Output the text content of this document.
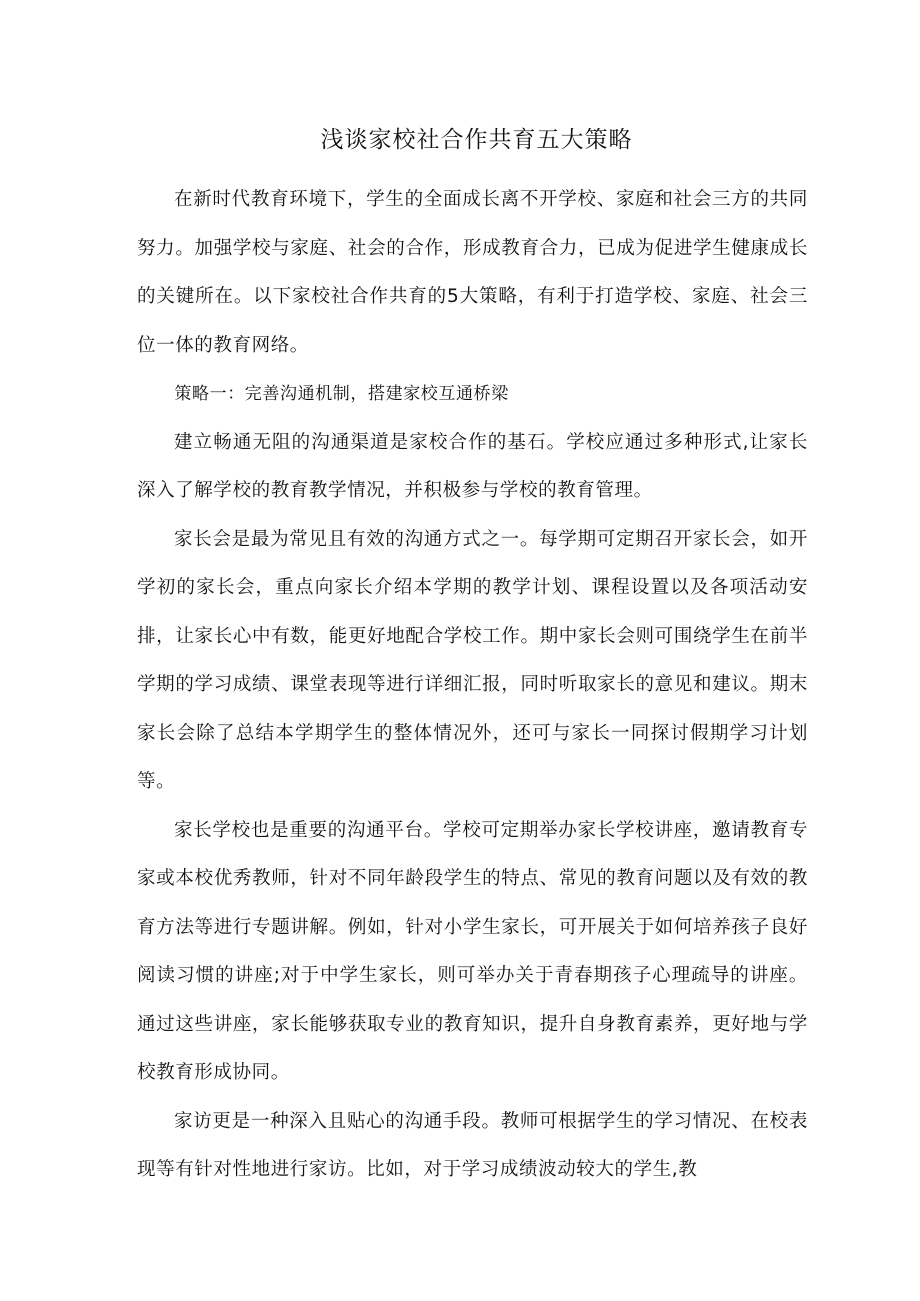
浅谈家校社合作共育五大策略

在新时代教育环境下，学生的全面成长离不开学校、家庭和社会三方的共同努力。加强学校与家庭、社会的合作，形成教育合力，已成为促进学生健康成长的关键所在。以下家校社合作共育的5大策略，有利于打造学校、家庭、社会三位一体的教育网络。

策略一：完善沟通机制，搭建家校互通桥梁

建立畅通无阻的沟通渠道是家校合作的基石。学校应通过多种形式,让家长深入了解学校的教育教学情况，并积极参与学校的教育管理。

家长会是最为常见且有效的沟通方式之一。每学期可定期召开家长会，如开学初的家长会，重点向家长介绍本学期的教学计划、课程设置以及各项活动安排，让家长心中有数，能更好地配合学校工作。期中家长会则可围绕学生在前半学期的学习成绩、课堂表现等进行详细汇报，同时听取家长的意见和建议。期末家长会除了总结本学期学生的整体情况外，还可与家长一同探讨假期学习计划等。

家长学校也是重要的沟通平台。学校可定期举办家长学校讲座，邀请教育专家或本校优秀教师，针对不同年龄段学生的特点、常见的教育问题以及有效的教育方法等进行专题讲解。例如，针对小学生家长，可开展关于如何培养孩子良好阅读习惯的讲座;对于中学生家长，则可举办关于青春期孩子心理疏导的讲座。通过这些讲座，家长能够获取专业的教育知识，提升自身教育素养，更好地与学校教育形成协同。

家访更是一种深入且贴心的沟通手段。教师可根据学生的学习情况、在校表现等有针对性地进行家访。比如，对于学习成绩波动较大的学生,教
